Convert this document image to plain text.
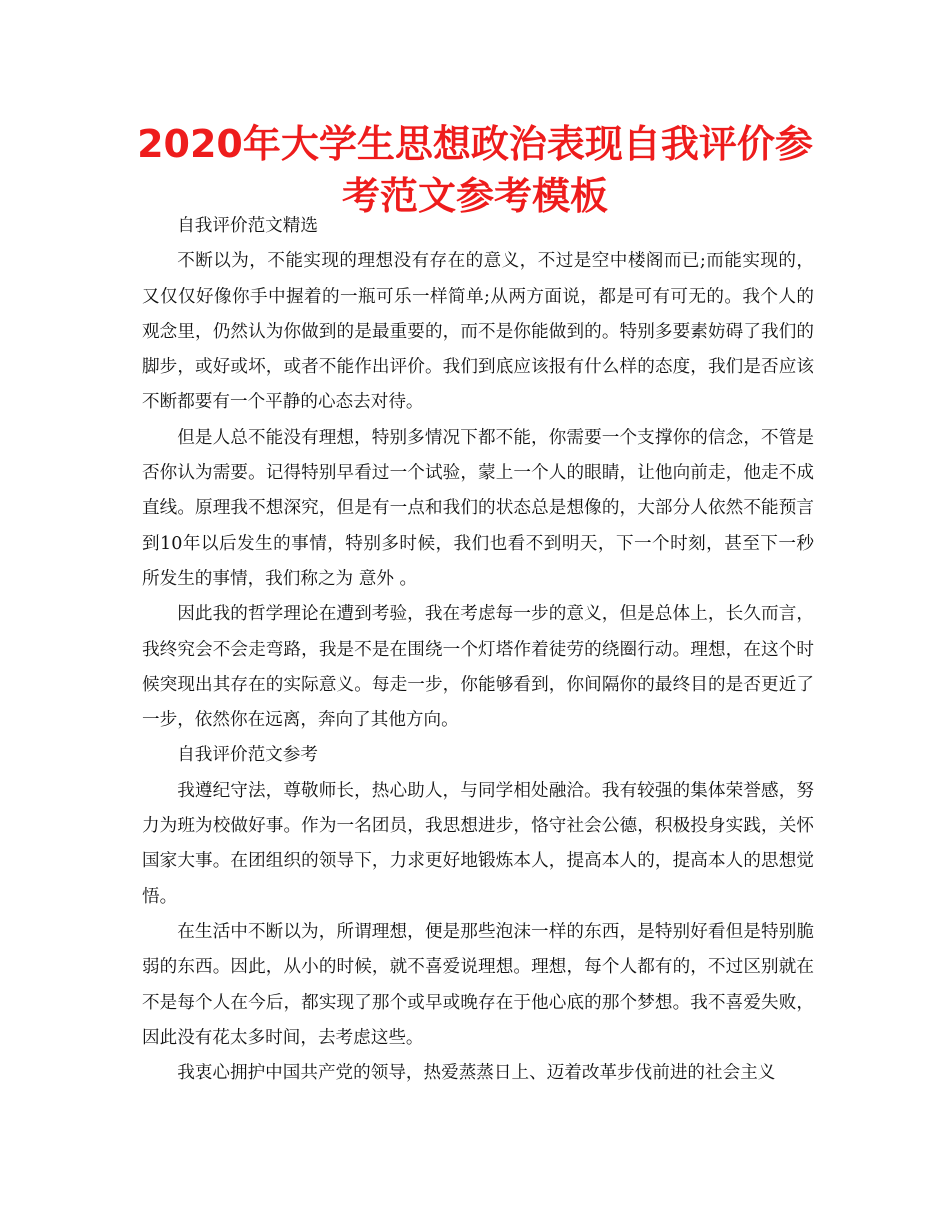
2020年大学生思想政治表现自我评价参考范文参考模板

自我评价范文精选

不断以为，不能实现的理想没有存在的意义，不过是空中楼阁而已;而能实现的，又仅仅好像你手中握着的一瓶可乐一样简单;从两方面说，都是可有可无的。我个人的观念里，仍然认为你做到的是最重要的，而不是你能做到的。特别多要素妨碍了我们的脚步，或好或坏，或者不能作出评价。我们到底应该报有什么样的态度，我们是否应该不断都要有一个平静的心态去对待。

但是人总不能没有理想，特别多情况下都不能，你需要一个支撑你的信念，不管是否你认为需要。记得特别早看过一个试验，蒙上一个人的眼睛，让他向前走，他走不成直线。原理我不想深究，但是有一点和我们的状态总是想像的，大部分人依然不能预言到10年以后发生的事情，特别多时候，我们也看不到明天，下一个时刻，甚至下一秒所发生的事情，我们称之为 意外 。

因此我的哲学理论在遭到考验，我在考虑每一步的意义，但是总体上，长久而言，我终究会不会走弯路，我是不是在围绕一个灯塔作着徒劳的绕圈行动。理想，在这个时候突现出其存在的实际意义。每走一步，你能够看到，你间隔你的最终目的是否更近了一步，依然你在远离，奔向了其他方向。

自我评价范文参考

我遵纪守法，尊敬师长，热心助人，与同学相处融洽。我有较强的集体荣誉感，努力为班为校做好事。作为一名团员，我思想进步，恪守社会公德，积极投身实践，关怀国家大事。在团组织的领导下，力求更好地锻炼本人，提高本人的，提高本人的思想觉悟。

在生活中不断以为，所谓理想，便是那些泡沫一样的东西，是特别好看但是特别脆弱的东西。因此，从小的时候，就不喜爱说理想。理想，每个人都有的，不过区别就在不是每个人在今后，都实现了那个或早或晚存在于他心底的那个梦想。我不喜爱失败，因此没有花太多时间，去考虑这些。

我衷心拥护中国共产党的领导，热爱蒸蒸日上、迈着改革步伐前进的社会主义
